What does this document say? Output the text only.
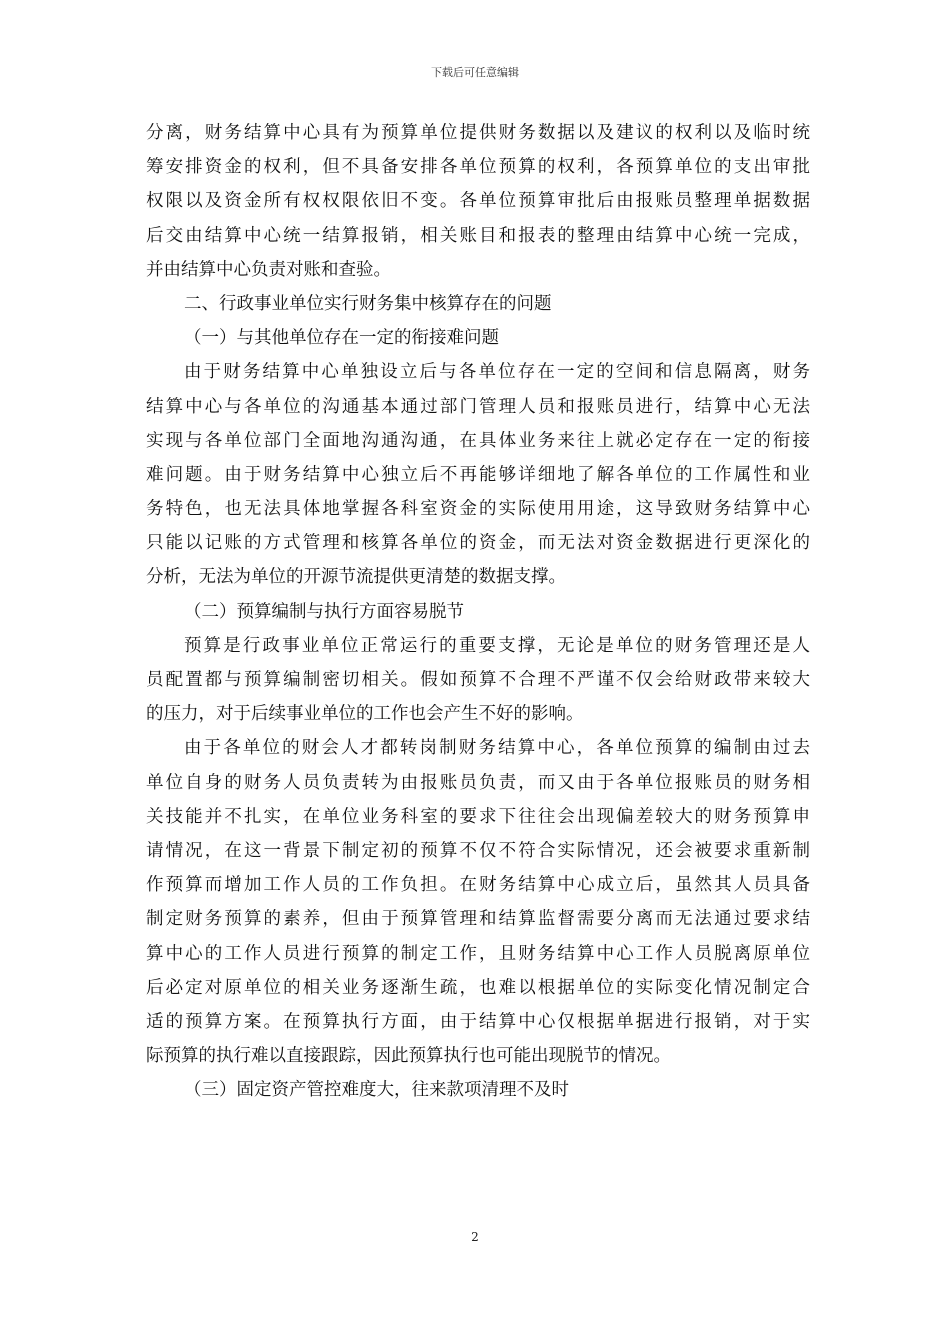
下载后可任意编辑
分离，财务结算中心具有为预算单位提供财务数据以及建议的权利以及临时统
筹安排资金的权利，但不具备安排各单位预算的权利，各预算单位的支出审批
权限以及资金所有权权限依旧不变。各单位预算审批后由报账员整理单据数据
后交由结算中心统一结算报销，相关账目和报表的整理由结算中心统一完成，
并由结算中心负责对账和查验。
二、行政事业单位实行财务集中核算存在的问题
（一）与其他单位存在一定的衔接难问题
由于财务结算中心单独设立后与各单位存在一定的空间和信息隔离，财务
结算中心与各单位的沟通基本通过部门管理人员和报账员进行，结算中心无法
实现与各单位部门全面地沟通沟通，在具体业务来往上就必定存在一定的衔接
难问题。由于财务结算中心独立后不再能够详细地了解各单位的工作属性和业
务特色，也无法具体地掌握各科室资金的实际使用用途，这导致财务结算中心
只能以记账的方式管理和核算各单位的资金，而无法对资金数据进行更深化的
分析，无法为单位的开源节流提供更清楚的数据支撑。
（二）预算编制与执行方面容易脱节
预算是行政事业单位正常运行的重要支撑，无论是单位的财务管理还是人
员配置都与预算编制密切相关。假如预算不合理不严谨不仅会给财政带来较大
的压力，对于后续事业单位的工作也会产生不好的影响。
由于各单位的财会人才都转岗制财务结算中心，各单位预算的编制由过去
单位自身的财务人员负责转为由报账员负责，而又由于各单位报账员的财务相
关技能并不扎实，在单位业务科室的要求下往往会出现偏差较大的财务预算申
请情况，在这一背景下制定初的预算不仅不符合实际情况，还会被要求重新制
作预算而增加工作人员的工作负担。在财务结算中心成立后，虽然其人员具备
制定财务预算的素养，但由于预算管理和结算监督需要分离而无法通过要求结
算中心的工作人员进行预算的制定工作，且财务结算中心工作人员脱离原单位
后必定对原单位的相关业务逐渐生疏，也难以根据单位的实际变化情况制定合
适的预算方案。在预算执行方面，由于结算中心仅根据单据进行报销，对于实
际预算的执行难以直接跟踪，因此预算执行也可能出现脱节的情况。
（三）固定资产管控难度大，往来款项清理不及时
2
